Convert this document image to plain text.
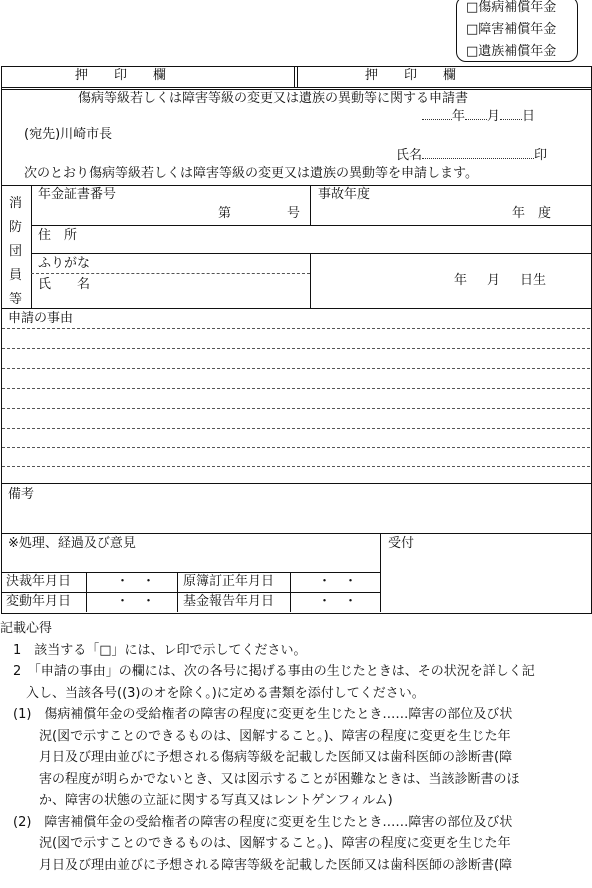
□傷病補償年金
□障害補償年金
□遺族補償年金
押　　印　　欄	押　　印　　欄
傷病等級若しくは障害等級の変更又は遺族の異動等に関する申請書
年 月 日
(宛先)川崎市長
氏名	印
次のとおり傷病等級若しくは障害等級の変更又は遺族の異動等を申請します。
消
防
団
員
等
年金証書番号
第	号
事故年度
年　度
住　所
ふりがな
氏　　名	年 月 日生
申請の事由
備考
※処理、経過及び意見	受付
決裁年月日	・　・ 原簿訂正年月日	・　・
変動年月日	・　・ 基金報告年月日	・　・
記載心得
　1　該当する「□」には、レ印で示してください。
　2　「申請の事由」の欄には、次の各号に掲げる事由の生じたときは、その状況を詳しく記
　　入し、当該各号((3)のオを除く。)に定める書類を添付してください。
　(1)　傷病補償年金の受給権者の障害の程度に変更を生じたとき……障害の部位及び状
　　　況(図で示すことのできるものは、図解すること。)、障害の程度に変更を生じた年
　　　月日及び理由並びに予想される傷病等級を記載した医師又は歯科医師の診断書(障
　　　害の程度が明らかでないとき、又は図示することが困難なときは、当該診断書のほ
　　　か、障害の状態の立証に関する写真又はレントゲンフィルム)
　(2)　障害補償年金の受給権者の障害の程度に変更を生じたとき……障害の部位及び状
　　　況(図で示すことのできるものは、図解すること。)、障害の程度に変更を生じた年
　　　月日及び理由並びに予想される障害等級を記載した医師又は歯科医師の診断書(障
